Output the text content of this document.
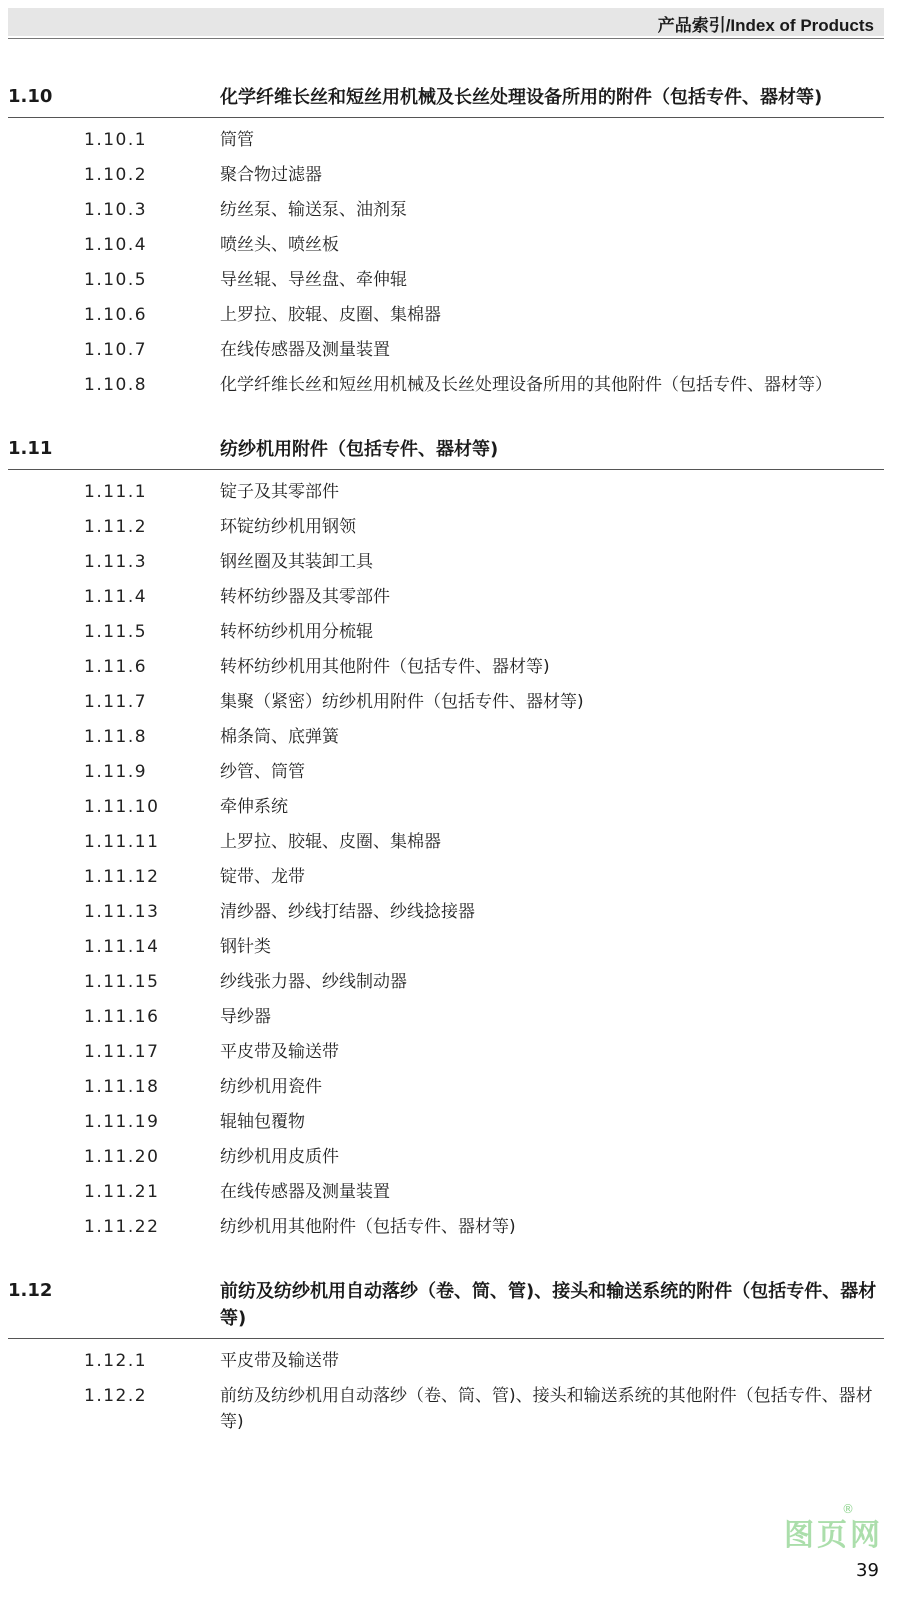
产品索引/Index of Products
1.10	化学纤维长丝和短丝用机械及长丝处理设备所用的附件（包括专件、器材等)
1.10.1	筒管
1.10.2	聚合物过滤器
1.10.3	纺丝泵、输送泵、油剂泵
1.10.4	喷丝头、喷丝板
1.10.5	导丝辊、导丝盘、牵伸辊
1.10.6	上罗拉、胶辊、皮圈、集棉器
1.10.7	在线传感器及测量装置
1.10.8	化学纤维长丝和短丝用机械及长丝处理设备所用的其他附件（包括专件、器材等）
1.11	纺纱机用附件（包括专件、器材等)
1.11.1	锭子及其零部件
1.11.2	环锭纺纱机用钢领
1.11.3	钢丝圈及其装卸工具
1.11.4	转杯纺纱器及其零部件
1.11.5	转杯纺纱机用分梳辊
1.11.6	转杯纺纱机用其他附件（包括专件、器材等)
1.11.7	集聚（紧密）纺纱机用附件（包括专件、器材等)
1.11.8	棉条筒、底弹簧
1.11.9	纱管、筒管
1.11.10	牵伸系统
1.11.11	上罗拉、胶辊、皮圈、集棉器
1.11.12	锭带、龙带
1.11.13	清纱器、纱线打结器、纱线捻接器
1.11.14	钢针类
1.11.15	纱线张力器、纱线制动器
1.11.16	导纱器
1.11.17	平皮带及输送带
1.11.18	纺纱机用瓷件
1.11.19	辊轴包覆物
1.11.20	纺纱机用皮质件
1.11.21	在线传感器及测量装置
1.11.22	纺纱机用其他附件（包括专件、器材等)
1.12	前纺及纺纱机用自动落纱（卷、筒、管)、接头和输送系统的附件（包括专件、器材等)
1.12.1	平皮带及输送带
1.12.2	前纺及纺纱机用自动落纱（卷、筒、管)、接头和输送系统的其他附件（包括专件、器材等)
®
图页网
39
